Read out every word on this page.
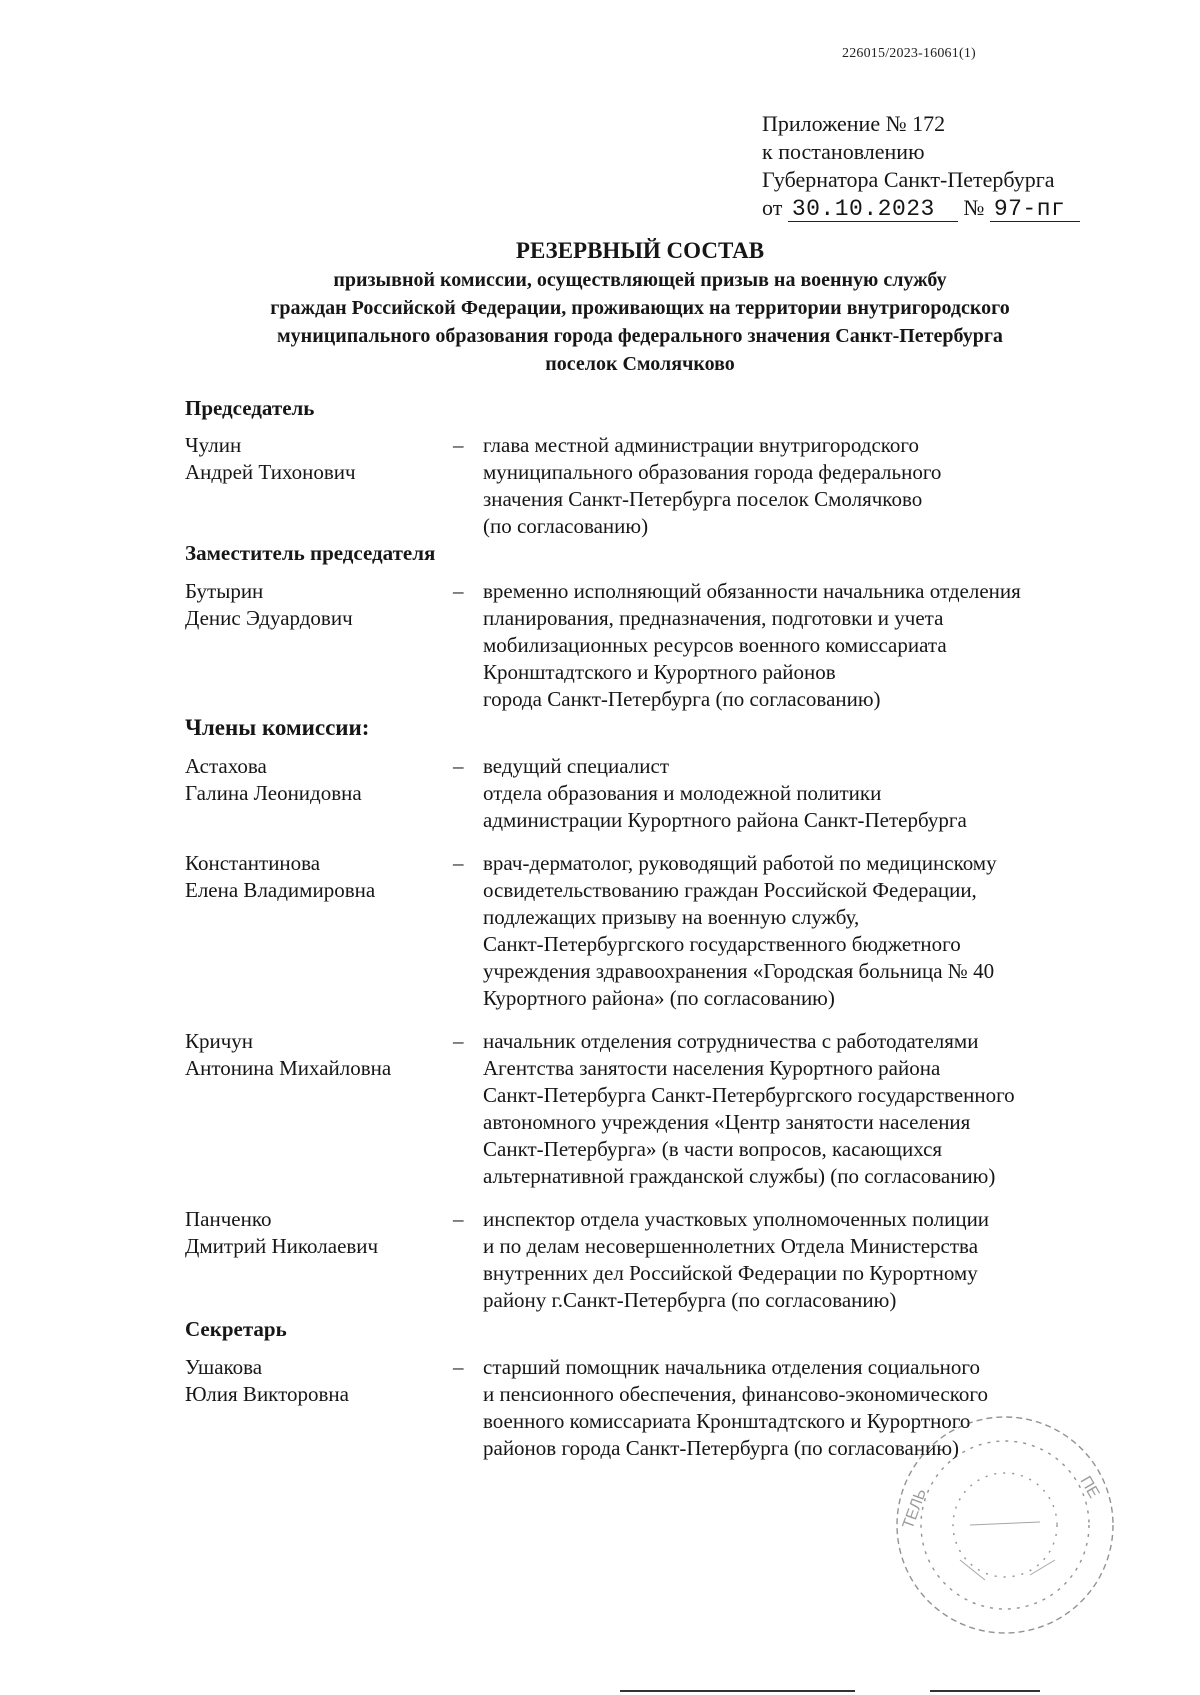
226015/2023-16061(1)
Приложение № 172
к постановлению
Губернатора Санкт-Петербурга
от 30.10.2023 № 97-пг
РЕЗЕРВНЫЙ СОСТАВ
призывной комиссии, осуществляющей призыв на военную службу
граждан Российской Федерации, проживающих на территории внутригородского
муниципального образования города федерального значения Санкт-Петербурга
поселок Смолячково
Председатель
Чулин
Андрей Тихонович
– глава местной администрации внутригородского
муниципального образования города федерального
значения Санкт-Петербурга поселок Смолячково
(по согласованию)
Заместитель председателя
Бутырин
Денис Эдуардович
– временно исполняющий обязанности начальника отделения
планирования, предназначения, подготовки и учета
мобилизационных ресурсов военного комиссариата
Кронштадтского и Курортного районов
города Санкт-Петербурга (по согласованию)
Члены комиссии:
Астахова
Галина Леонидовна
– ведущий специалист
отдела образования и молодежной политики
администрации Курортного района Санкт-Петербурга
Константинова
Елена Владимировна
– врач-дерматолог, руководящий работой по медицинскому
освидетельствованию граждан Российской Федерации,
подлежащих призыву на военную службу,
Санкт-Петербургского государственного бюджетного
учреждения здравоохранения «Городская больница № 40
Курортного района» (по согласованию)
Кричун
Антонина Михайловна
– начальник отделения сотрудничества с работодателями
Агентства занятости населения Курортного района
Санкт-Петербурга Санкт-Петербургского государственного
автономного учреждения «Центр занятости населения
Санкт-Петербурга» (в части вопросов, касающихся
альтернативной гражданской службы) (по согласованию)
Панченко
Дмитрий Николаевич
– инспектор отдела участковых уполномоченных полиции
и по делам несовершеннолетних Отдела Министерства
внутренних дел Российской Федерации по Курортному
району г.Санкт-Петербурга (по согласованию)
Секретарь
Ушакова
Юлия Викторовна
– старший помощник начальника отделения социального
и пенсионного обеспечения, финансово-экономического
военного комиссариата Кронштадтского и Курортного
районов города Санкт-Петербурга (по согласованию)
ТЕЛЬ	ПЕ
